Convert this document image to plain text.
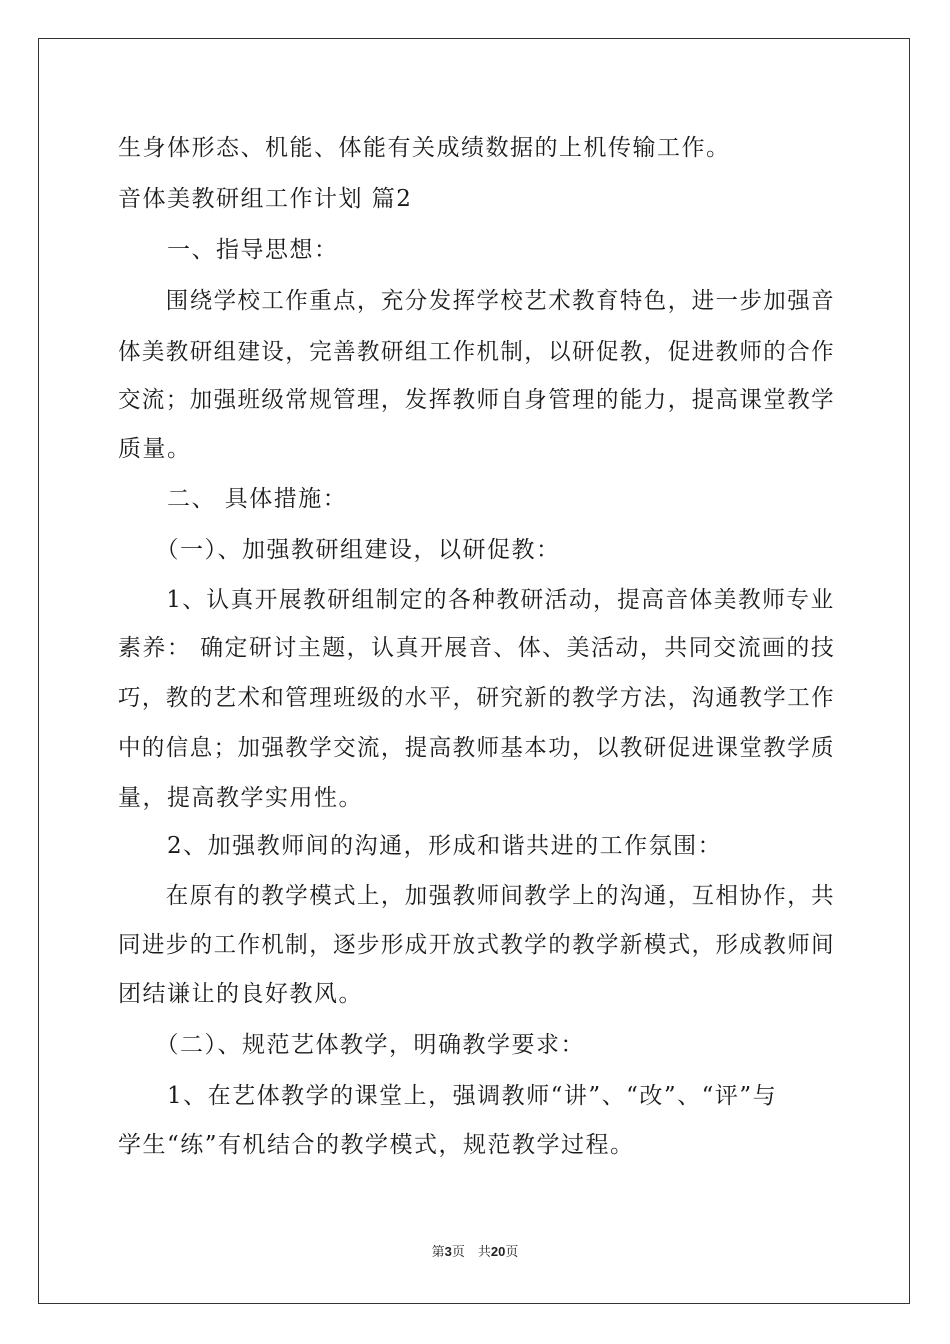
生身体形态、机能、体能有关成绩数据的上机传输工作。
音体美教研组工作计划 篇2
　　一、指导思想：
　　围绕学校工作重点，充分发挥学校艺术教育特色，进一步加强音
体美教研组建设，完善教研组工作机制，以研促教，促进教师的合作
交流；加强班级常规管理，发挥教师自身管理的能力，提高课堂教学
质量。
　　二、 具体措施：
　　（一）、加强教研组建设，以研促教：
　　1、认真开展教研组制定的各种教研活动，提高音体美教师专业
素养： 确定研讨主题，认真开展音、体、美活动，共同交流画的技
巧，教的艺术和管理班级的水平，研究新的教学方法，沟通教学工作
中的信息；加强教学交流，提高教师基本功，以教研促进课堂教学质
量，提高教学实用性。
　　2、加强教师间的沟通，形成和谐共进的工作氛围：
　　在原有的教学模式上，加强教师间教学上的沟通，互相协作，共
同进步的工作机制，逐步形成开放式教学的教学新模式，形成教师间
团结谦让的良好教风。
　　（二）、规范艺体教学，明确教学要求：
　　1、在艺体教学的课堂上，强调教师“讲”、“改”、“评”与
学生“练”有机结合的教学模式，规范教学过程。
第3页　共20页
